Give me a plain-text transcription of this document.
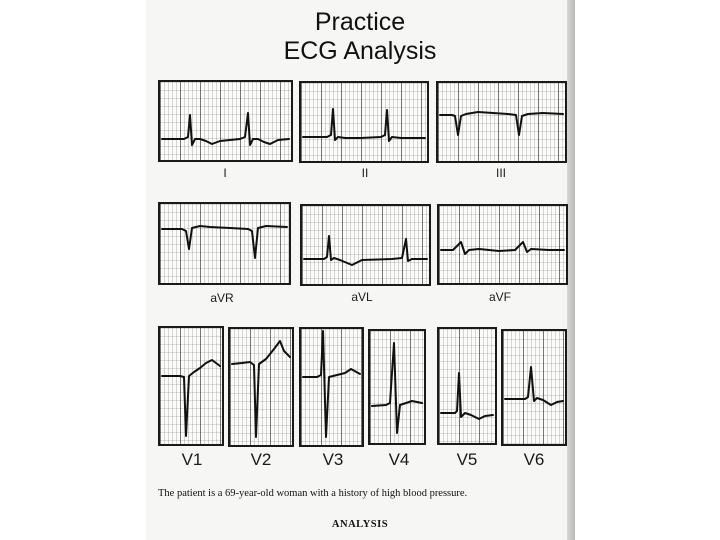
Practice
ECG Analysis
I	II	III
aVR	aVL	aVF
V1	V2	V3	V4	V5	V6
The patient is a 69-year-old woman with a history of high blood pressure.
ANALYSIS
